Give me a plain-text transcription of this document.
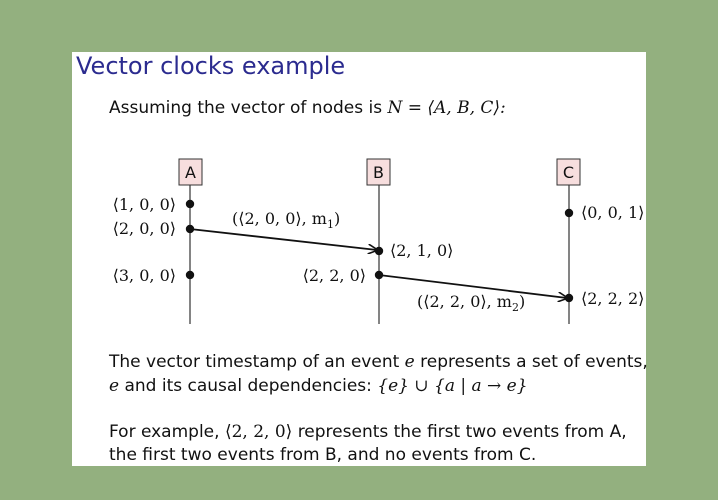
Vector clocks example
Assuming the vector of nodes is N = ⟨A, B, C⟩:
A	B	C
⟨1, 0, 0⟩
⟨2, 0, 0⟩
⟨3, 0, 0⟩
⟨2, 1, 0⟩
⟨2, 2, 0⟩
⟨0, 0, 1⟩
⟨2, 2, 2⟩
(⟨2, 0, 0⟩, $m_1$)
(⟨2, 2, 0⟩, $m_2$)
The vector timestamp of an event e represents a set of events,
e and its causal dependencies: {e} ∪ {a | a → e}
For example, ⟨2, 2, 0⟩ represents the first two events from A,
the first two events from B, and no events from C.
